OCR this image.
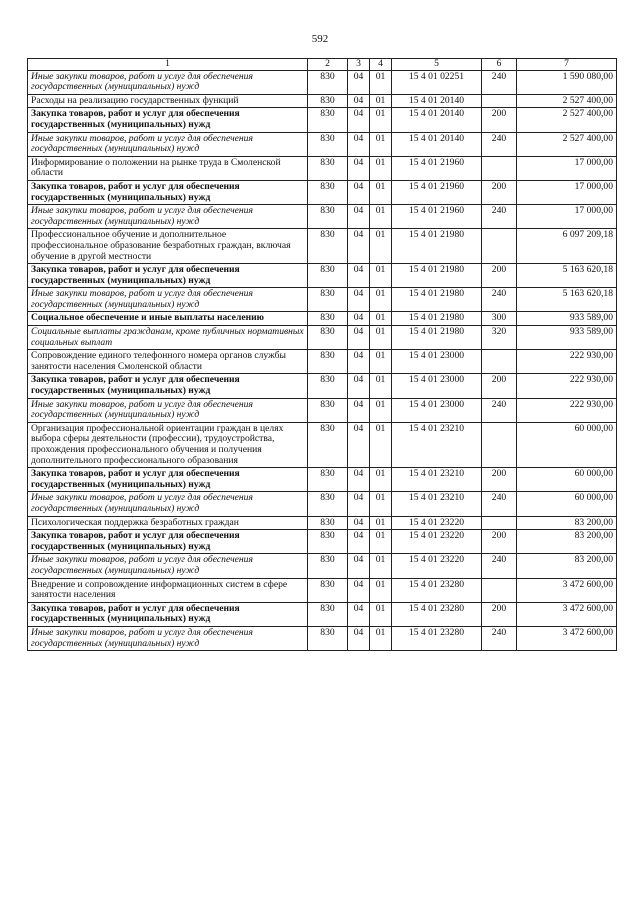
592
1	2	3	4	5	6	7
Иные закупки товаров, работ и услуг для обеспечения государственных (муниципальных) нужд	830	04	01	15 4 01 02251	240	1 590 080,00
Расходы на реализацию государственных функций	830	04	01	15 4 01 20140		2 527 400,00
Закупка товаров, работ и услуг для обеспечения государственных (муниципальных) нужд	830	04	01	15 4 01 20140	200	2 527 400,00
Иные закупки товаров, работ и услуг для обеспечения государственных (муниципальных) нужд	830	04	01	15 4 01 20140	240	2 527 400,00
Информирование о положении на рынке труда в Смоленской области	830	04	01	15 4 01 21960		17 000,00
Закупка товаров, работ и услуг для обеспечения государственных (муниципальных) нужд	830	04	01	15 4 01 21960	200	17 000,00
Иные закупки товаров, работ и услуг для обеспечения государственных (муниципальных) нужд	830	04	01	15 4 01 21960	240	17 000,00
Профессиональное обучение и дополнительное профессиональное образование безработных граждан, включая обучение в другой местности	830	04	01	15 4 01 21980		6 097 209,18
Закупка товаров, работ и услуг для обеспечения государственных (муниципальных) нужд	830	04	01	15 4 01 21980	200	5 163 620,18
Иные закупки товаров, работ и услуг для обеспечения государственных (муниципальных) нужд	830	04	01	15 4 01 21980	240	5 163 620,18
Социальное обеспечение и иные выплаты населению	830	04	01	15 4 01 21980	300	933 589,00
Социальные выплаты гражданам, кроме публичных нормативных социальных выплат	830	04	01	15 4 01 21980	320	933 589,00
Сопровождение единого телефонного номера органов службы занятости населения Смоленской области	830	04	01	15 4 01 23000		222 930,00
Закупка товаров, работ и услуг для обеспечения государственных (муниципальных) нужд	830	04	01	15 4 01 23000	200	222 930,00
Иные закупки товаров, работ и услуг для обеспечения государственных (муниципальных) нужд	830	04	01	15 4 01 23000	240	222 930,00
Организация профессиональной ориентации граждан в целях выбора сферы деятельности (профессии), трудоустройства, прохождения профессионального обучения и получения дополнительного профессионального образования	830	04	01	15 4 01 23210		60 000,00
Закупка товаров, работ и услуг для обеспечения государственных (муниципальных) нужд	830	04	01	15 4 01 23210	200	60 000,00
Иные закупки товаров, работ и услуг для обеспечения государственных (муниципальных) нужд	830	04	01	15 4 01 23210	240	60 000,00
Психологическая поддержка безработных граждан	830	04	01	15 4 01 23220		83 200,00
Закупка товаров, работ и услуг для обеспечения государственных (муниципальных) нужд	830	04	01	15 4 01 23220	200	83 200,00
Иные закупки товаров, работ и услуг для обеспечения государственных (муниципальных) нужд	830	04	01	15 4 01 23220	240	83 200,00
Внедрение и сопровождение информационных систем в сфере занятости населения	830	04	01	15 4 01 23280		3 472 600,00
Закупка товаров, работ и услуг для обеспечения государственных (муниципальных) нужд	830	04	01	15 4 01 23280	200	3 472 600,00
Иные закупки товаров, работ и услуг для обеспечения государственных (муниципальных) нужд	830	04	01	15 4 01 23280	240	3 472 600,00
